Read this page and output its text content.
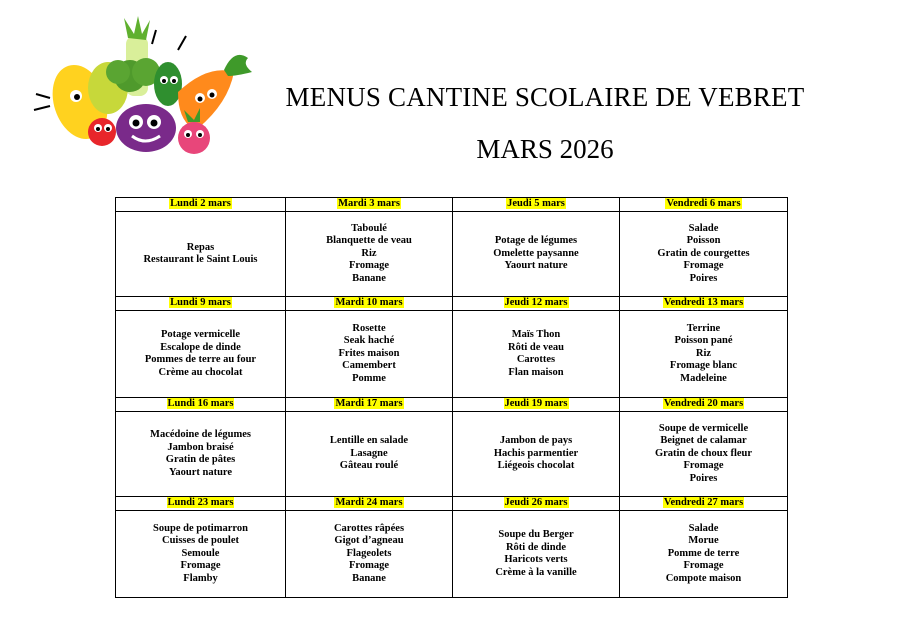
MENUS CANTINE SCOLAIRE DE VEBRET
MARS 2026
Lundi 2 mars	Mardi 3 mars	Jeudi 5 mars	Vendredi 6 mars

Repas
Restaurant le Saint Louis	Taboulé
Blanquette de veau
Riz
Fromage
Banane	Potage de légumes
Omelette paysanne
Yaourt nature	Salade
Poisson
Gratin de courgettes
Fromage
Poires

Lundi 9 mars	Mardi 10 mars	Jeudi 12 mars	Vendredi 13 mars

Potage vermicelle
Escalope de dinde
Pommes de terre au four
Crème au chocolat	Rosette
Seak haché
Frites maison
Camembert
Pomme	Maïs Thon
Rôti de veau
Carottes
Flan maison	Terrine
Poisson pané
Riz
Fromage blanc
Madeleine

Lundi 16 mars	Mardi 17 mars	Jeudi 19 mars	Vendredi 20 mars

Macédoine de légumes
Jambon braisé
Gratin de pâtes
Yaourt nature	Lentille en salade
Lasagne
Gâteau roulé	Jambon de pays
Hachis parmentier
Liégeois chocolat	Soupe de vermicelle
Beignet de calamar
Gratin de choux fleur
Fromage
Poires

Lundi 23 mars	Mardi 24 mars	Jeudi 26 mars	Vendredi 27 mars

Soupe de potimarron
Cuisses de poulet
Semoule
Fromage
Flamby	Carottes râpées
Gigot d’agneau
Flageolets
Fromage
Banane	Soupe du Berger
Rôti de dinde
Haricots verts
Crème à la vanille	Salade
Morue
Pomme de terre
Fromage
Compote maison
